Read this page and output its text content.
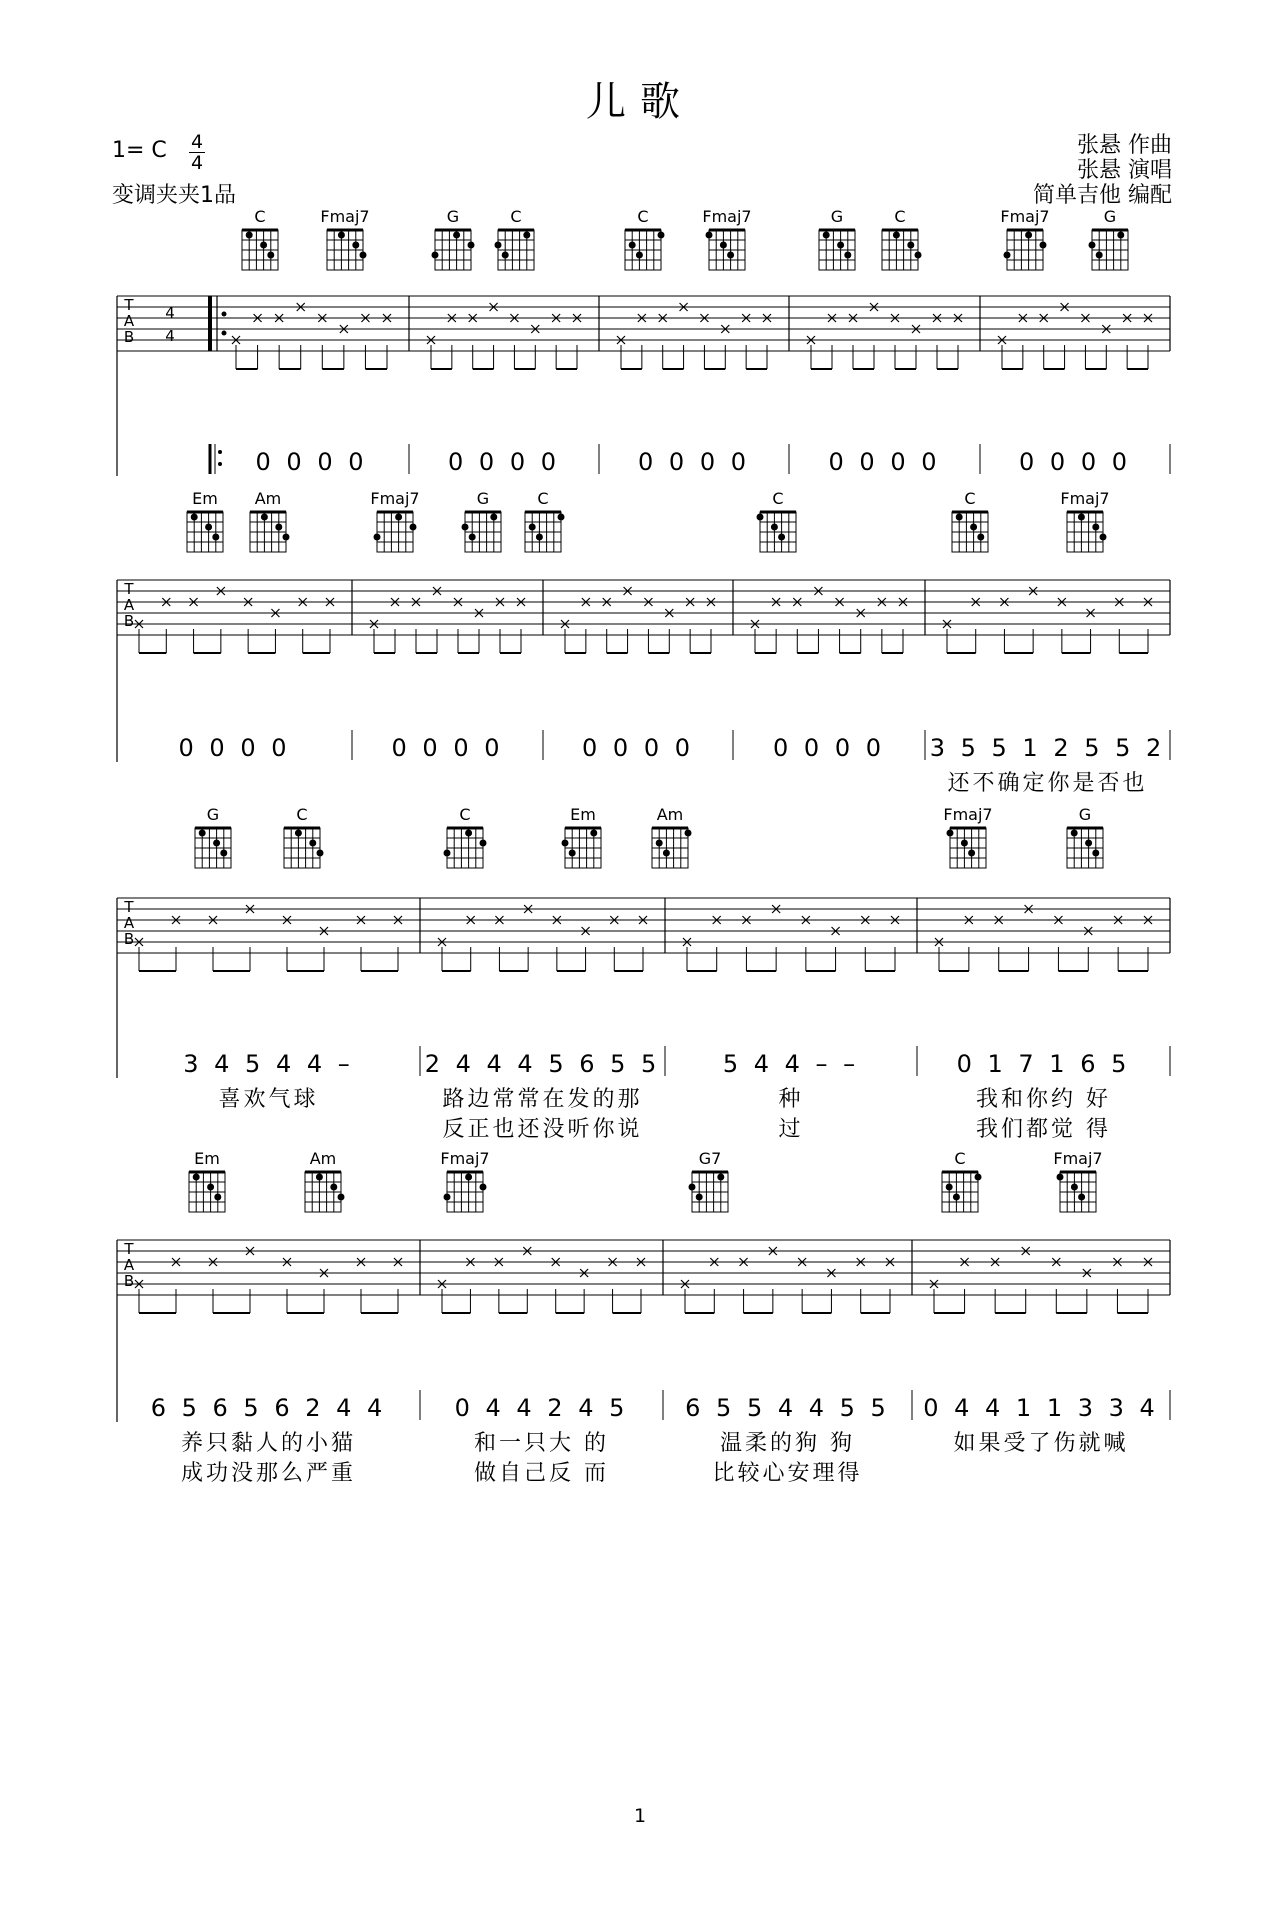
儿歌
1= C 4
4
变调夹夹1品
张悬 作曲
张悬 演唱
简单吉他 编配
T
A
B
4
4
0 0 0 0	0 0 0 0	0 0 0 0	0 0 0 0	0 0 0 0
C	Fmaj7	G	C	C	Fmaj7	G	C	Fmaj7	G
T
A
B
0 0 0 0	0 0 0 0	0 0 0 0	0 0 0 0 3 5 5 1 2 5 5 2
还不确定你是否也
Em Am	Fmaj7	G	C	C	C	Fmaj7
T
A
B
3 4 5 4 4 –
喜欢气球
2 4 4 4 5 6 5 5
路边常常在发的那
反正也还没听你说
5 4 4 – –
种
过
0 1 7 1 6 5
我和你约 好
我们都觉 得
G	C	C	Em	Am	Fmaj7	G
T
A
B
6 5 6 5 6 2 4 4
养只黏人的小猫
成功没那么严重
0 4 4 2 4 5
和一只大 的
做自己反 而
6 5 5 4 4 5 5
温柔的狗 狗
比较心安理得
0 4 4 1 1 3 3 4
如果受了伤就喊
Em	Am	Fmaj7	G7	C	Fmaj7
1
